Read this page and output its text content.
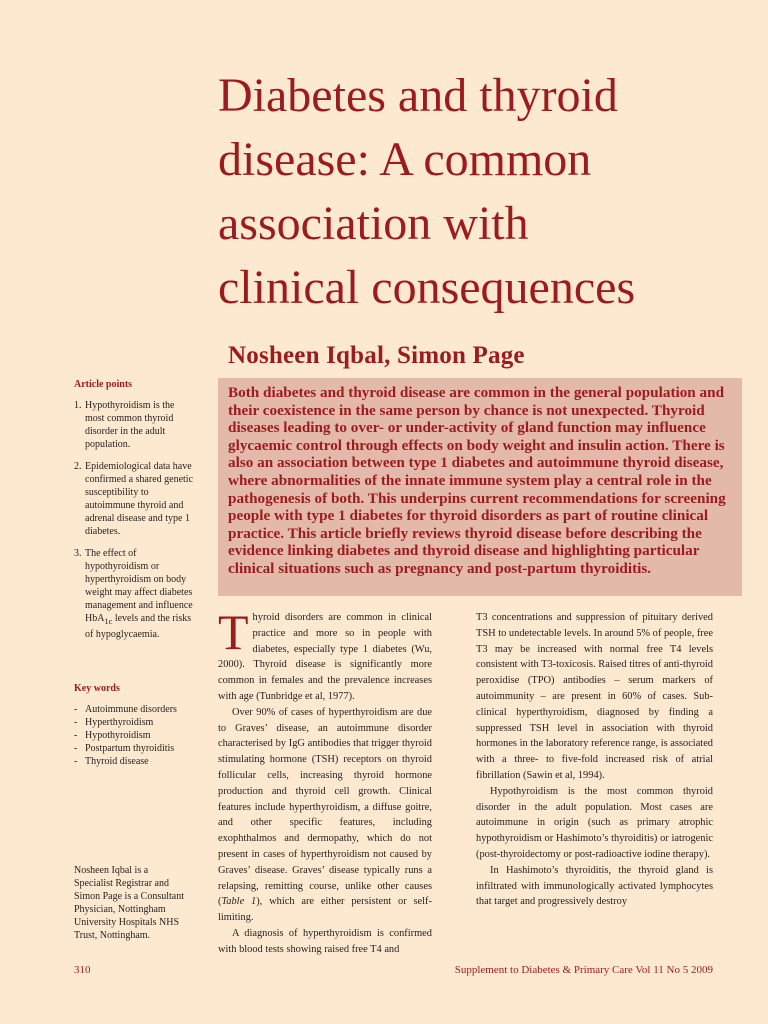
Diabetes and thyroid
disease: A common
association with
clinical consequences
Nosheen Iqbal, Simon Page
Both diabetes and thyroid disease are common in the general population and their coexistence in the same person by chance is not unexpected. Thyroid diseases leading to over- or under-activity of gland function may influence glycaemic control through effects on body weight and insulin action. There is also an association between type 1 diabetes and autoimmune thyroid disease, where abnormalities of the innate immune system play a central role in the pathogenesis of both. This underpins current recommendations for screening people with type 1 diabetes for thyroid disorders as part of routine clinical practice. This article briefly reviews thyroid disease before describing the evidence linking diabetes and thyroid disease and highlighting particular clinical situations such as pregnancy and post-partum thyroiditis.
Article points
1. Hypothyroidism is the most common thyroid disorder in the adult population.
2. Epidemiological data have confirmed a shared genetic susceptibility to autoimmune thyroid and adrenal disease and type 1 diabetes.
3. The effect of hypothyroidism or hyperthyroidism on body weight may affect diabetes management and influence HbA$_{1c}$ levels and the risks of hypoglycaemia.
Key words
- Autoimmune disorders
- Hyperthyroidism
- Hypothyroidism
- Postpartum thyroiditis
- Thyroid disease
Nosheen Iqbal is a Specialist Registrar and Simon Page is a Consultant Physician, Nottingham University Hospitals NHS Trust, Nottingham.

Thyroid disorders are common in clinical practice and more so in people with diabetes, especially type 1 diabetes (Wu, 2000). Thyroid disease is significantly more common in females and the prevalence increases with age (Tunbridge et al, 1977).

Over 90% of cases of hyperthyroidism are due to Graves’ disease, an autoimmune disorder characterised by IgG antibodies that trigger thyroid stimulating hormone (TSH) receptors on thyroid follicular cells, increasing thyroid hormone production and thyroid cell growth. Clinical features include hyperthyroidism, a diffuse goitre, and other specific features, including exophthalmos and dermopathy, which do not present in cases of hyperthyroidism not caused by Graves’ disease. Graves’ disease typically runs a relapsing, remitting course, unlike other causes (Table 1), which are either persistent or self-limiting.

A diagnosis of hyperthyroidism is confirmed with blood tests showing raised free T4 and

T3 concentrations and suppression of pituitary derived TSH to undetectable levels. In around 5% of people, free T3 may be increased with normal free T4 levels consistent with T3-toxicosis. Raised titres of anti-thyroid peroxidise (TPO) antibodies – serum markers of autoimmunity – are present in 60% of cases. Sub-clinical hyperthyroidism, diagnosed by finding a suppressed TSH level in association with thyroid hormones in the laboratory reference range, is associated with a three- to five-fold increased risk of atrial fibrillation (Sawin et al, 1994).

Hypothyroidism is the most common thyroid disorder in the adult population. Most cases are autoimmune in origin (such as primary atrophic hypothyroidism or Hashimoto’s thyroiditis) or iatrogenic (post-thyroidectomy or post-radioactive iodine therapy).

In Hashimoto’s thyroiditis, the thyroid gland is infiltrated with immunologically activated lymphocytes that target and progressively destroy

310	Supplement to Diabetes & Primary Care Vol 11 No 5 2009
